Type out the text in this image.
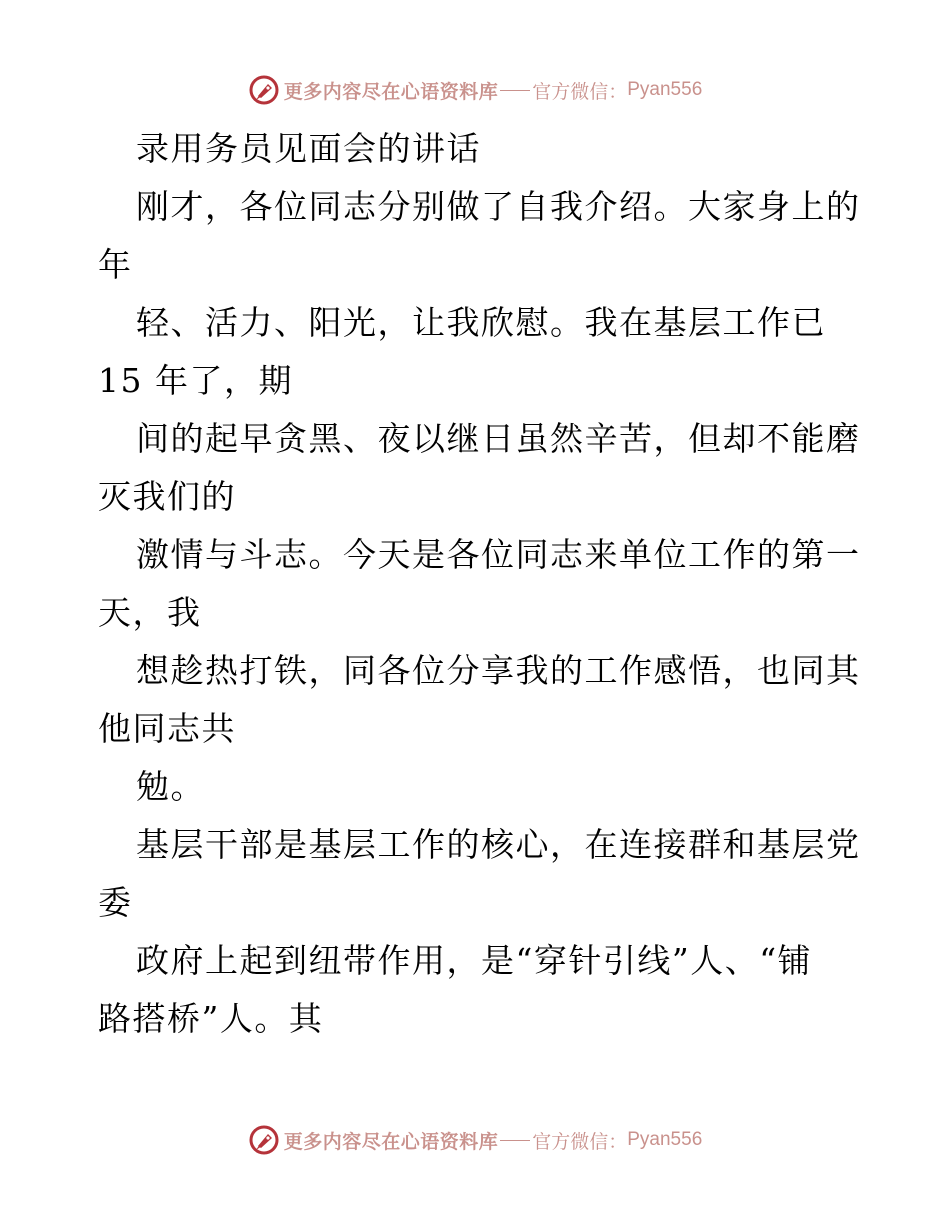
更多内容尽在心语资料库 官方微信： Pyan556
录用务员见面会的讲话
刚才，各位同志分别做了自我介绍。大家身上的
年
轻、活力、阳光，让我欣慰。我在基层工作已
15 年了，期
间的起早贪黑、夜以继日虽然辛苦，但却不能磨
灭我们的
激情与斗志。今天是各位同志来单位工作的第一
天，我
想趁热打铁，同各位分享我的工作感悟，也同其
他同志共
勉。
基层干部是基层工作的核心，在连接群和基层党
委
政府上起到纽带作用，是“穿针引线”人、“铺
路搭桥”人。其
更多内容尽在心语资料库 官方微信： Pyan556
